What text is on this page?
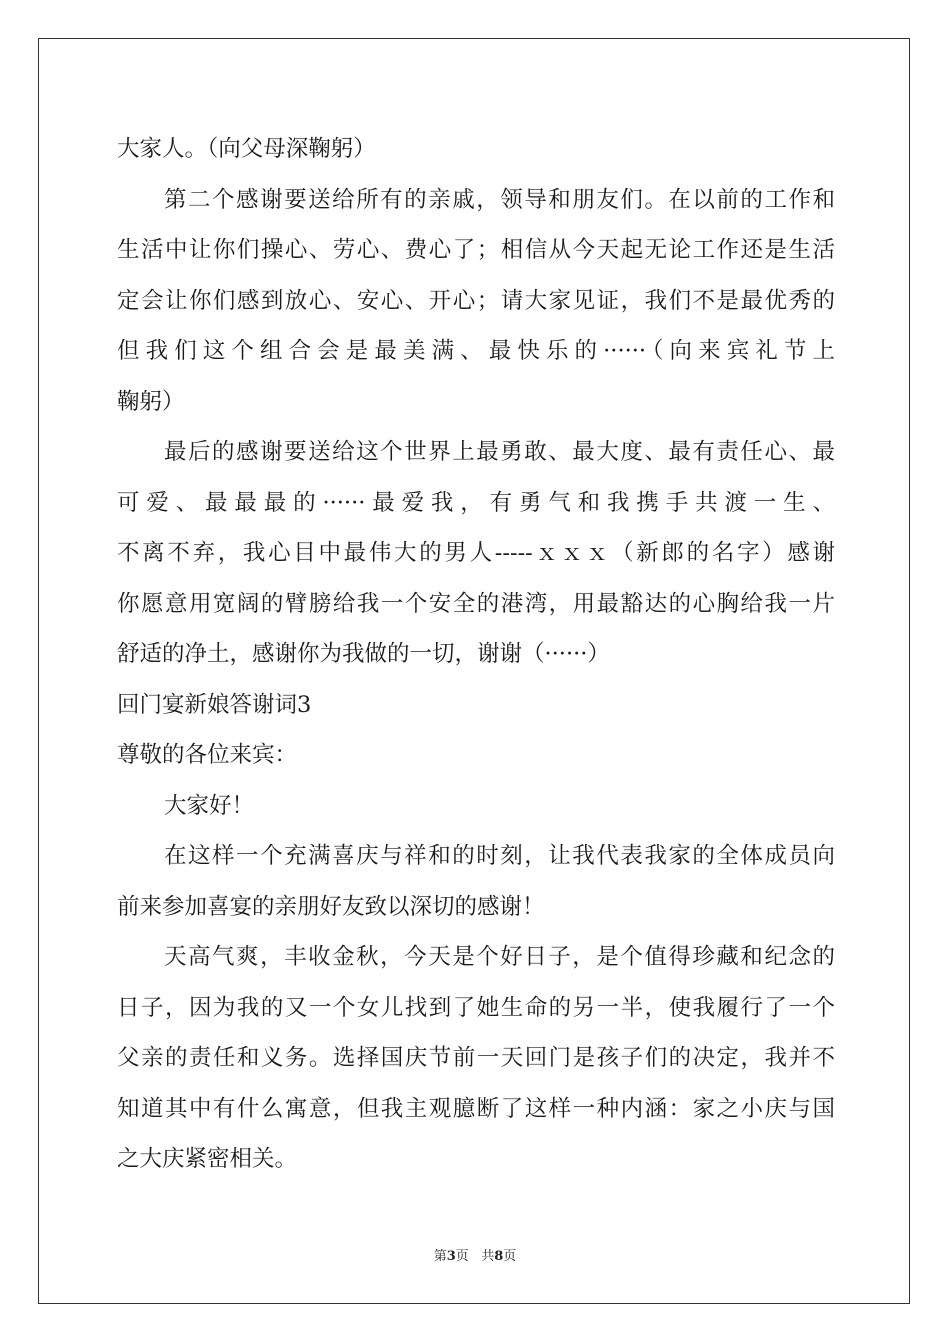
大家人。（向父母深鞠躬）
第二个感谢要送给所有的亲戚，领导和朋友们。在以前的工作和
生活中让你们操心、劳心、费心了；相信从今天起无论工作还是生活
定会让你们感到放心、安心、开心；请大家见证，我们不是最优秀的
但我们这个组合会是最美满、最快乐的······（向来宾礼节上
鞠躬）
最后的感谢要送给这个世界上最勇敢、最大度、最有责任心、最
可爱、最最最的······最爱我，有勇气和我携手共渡一生、
不离不弃，我心目中最伟大的男人-----ｘｘｘ（新郎的名字）感谢
你愿意用宽阔的臂膀给我一个安全的港湾，用最豁达的心胸给我一片
舒适的净土，感谢你为我做的一切，谢谢（······）
回门宴新娘答谢词3
尊敬的各位来宾：
大家好！
在这样一个充满喜庆与祥和的时刻，让我代表我家的全体成员向
前来参加喜宴的亲朋好友致以深切的感谢！
天高气爽，丰收金秋，今天是个好日子，是个值得珍藏和纪念的
日子，因为我的又一个女儿找到了她生命的另一半，使我履行了一个
父亲的责任和义务。选择国庆节前一天回门是孩子们的决定，我并不
知道其中有什么寓意，但我主观臆断了这样一种内涵：家之小庆与国
之大庆紧密相关。
第3页 共8页
